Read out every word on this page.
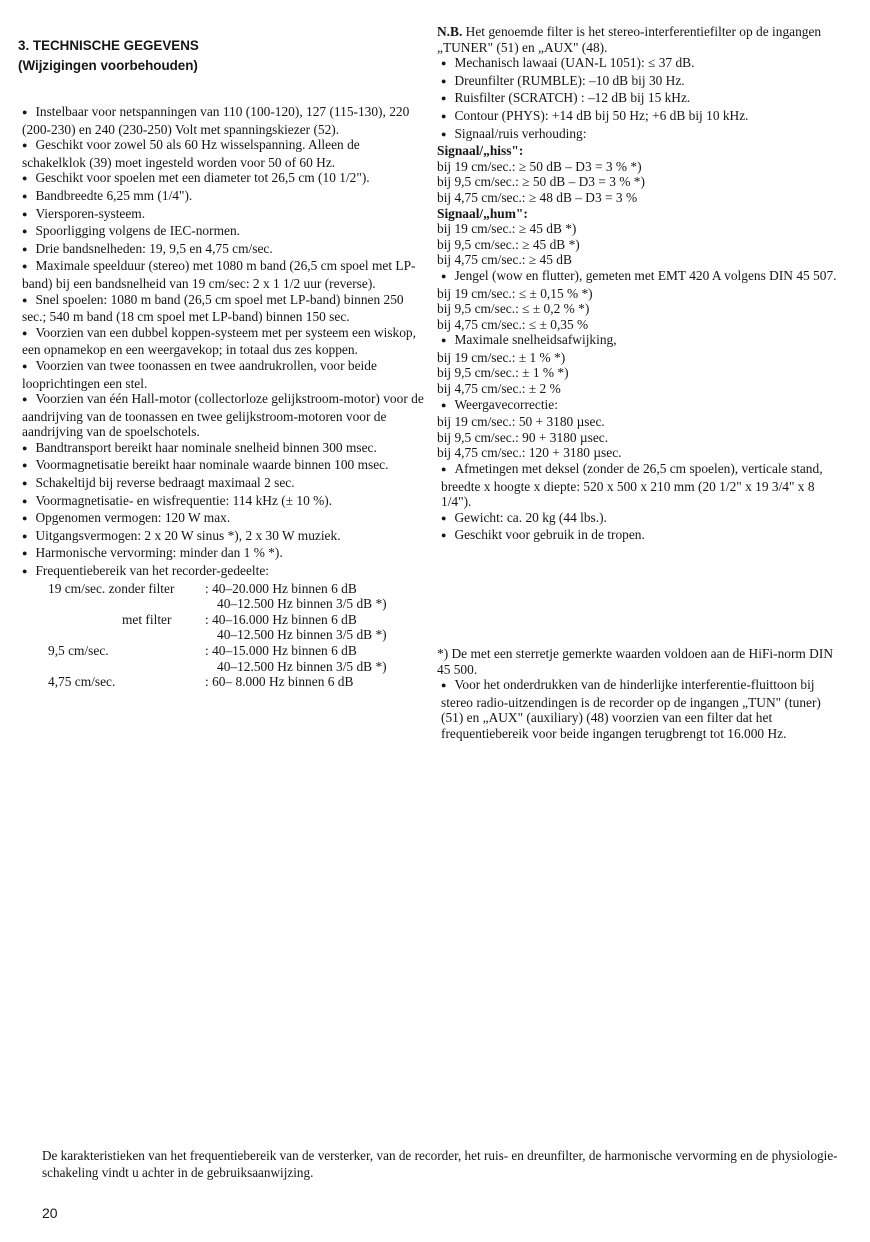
3. TECHNISCHE GEGEVENS
(Wijzigingen voorbehouden)

● Instelbaar voor netspanningen van 110 (100-120), 127 (115-130), 220 (200-230) en 240 (230-250) Volt met spanningskiezer (52).

● Geschikt voor zowel 50 als 60 Hz wisselspanning. Alleen de schakelklok (39) moet ingesteld worden voor 50 of 60 Hz.

● Geschikt voor spoelen met een diameter tot 26,5 cm (10 1/2").

● Bandbreedte 6,25 mm (1/4").

● Viersporen-systeem.

● Spoorligging volgens de IEC-normen.

● Drie bandsnelheden: 19, 9,5 en 4,75 cm/sec.

● Maximale speelduur (stereo) met 1080 m band (26,5 cm spoel met LP-band) bij een bandsnelheid van 19 cm/sec: 2 x 1 1/2 uur (reverse).

● Snel spoelen: 1080 m band (26,5 cm spoel met LP-band) binnen 250 sec.; 540 m band (18 cm spoel met LP-band) binnen 150 sec.

● Voorzien van een dubbel koppen-systeem met per systeem een wiskop, een opnamekop en een weergavekop; in totaal dus zes koppen.

● Voorzien van twee toonassen en twee aandrukrollen, voor beide looprichtingen een stel.

● Voorzien van één Hall-motor (collectorloze gelijkstroom-motor) voor de aandrijving van de toonassen en twee gelijkstroom-motoren voor de aandrijving van de spoelschotels.

● Bandtransport bereikt haar nominale snelheid binnen 300 msec.

● Voormagnetisatie bereikt haar nominale waarde binnen 100 msec.

● Schakeltijd bij reverse bedraagt maximaal 2 sec.

● Voormagnetisatie- en wisfrequentie: 114 kHz (± 10 %).

● Opgenomen vermogen: 120 W max.

● Uitgangsvermogen: 2 x 20 W sinus *), 2 x 30 W muziek.

● Harmonische vervorming: minder dan 1 % *).

● Frequentiebereik van het recorder-gedeelte:

19 cm/sec. zonder filter	: 40–20.000 Hz binnen 6 dB
40–12.500 Hz binnen 3/5 dB *)
met filter	: 40–16.000 Hz binnen 6 dB
40–12.500 Hz binnen 3/5 dB *)
9,5 cm/sec.	: 40–15.000 Hz binnen 6 dB
40–12.500 Hz binnen 3/5 dB *)
4,75 cm/sec.	: 60– 8.000 Hz binnen 6 dB

N.B. Het genoemde filter is het stereo-interferentiefilter op de ingangen „TUNER" (51) en „AUX" (48).

● Mechanisch lawaai (UAN-L 1051): ≤ 37 dB.

● Dreunfilter (RUMBLE): –10 dB bij 30 Hz.

● Ruisfilter (SCRATCH) : –12 dB bij 15 kHz.

● Contour (PHYS): +14 dB bij 50 Hz; +6 dB bij 10 kHz.

● Signaal/ruis verhouding:

Signaal/„hiss":

bij 19 cm/sec.: ≥ 50 dB – D3 = 3 % *)

bij 9,5 cm/sec.: ≥ 50 dB – D3 = 3 % *)

bij 4,75 cm/sec.: ≥ 48 dB – D3 = 3 %

Signaal/„hum":

bij 19 cm/sec.: ≥ 45 dB *)

bij 9,5 cm/sec.: ≥ 45 dB *)

bij 4,75 cm/sec.: ≥ 45 dB

● Jengel (wow en flutter), gemeten met EMT 420 A volgens DIN 45 507.

bij 19 cm/sec.: ≤ ± 0,15 % *)

bij 9,5 cm/sec.: ≤ ± 0,2 % *)

bij 4,75 cm/sec.: ≤ ± 0,35 %

● Maximale snelheidsafwijking,

bij 19 cm/sec.: ± 1 % *)

bij 9,5 cm/sec.: ± 1 % *)

bij 4,75 cm/sec.: ± 2 %

● Weergavecorrectie:

bij 19 cm/sec.: 50 + 3180 µsec.

bij 9,5 cm/sec.: 90 + 3180 µsec.

bij 4,75 cm/sec.: 120 + 3180 µsec.

● Afmetingen met deksel (zonder de 26,5 cm spoelen), verticale stand, breedte x hoogte x diepte: 520 x 500 x 210 mm (20 1/2" x 19 3/4" x 8 1/4").

● Gewicht: ca. 20 kg (44 lbs.).

● Geschikt voor gebruik in de tropen.

*) De met een sterretje gemerkte waarden voldoen aan de HiFi-norm DIN 45 500.

● Voor het onderdrukken van de hinderlijke interferentie-fluittoon bij stereo radio-uitzendingen is de recorder op de ingangen „TUN" (tuner) (51) en „AUX" (auxiliary) (48) voorzien van een filter dat het frequentiebereik voor beide ingangen terugbrengt tot 16.000 Hz.

De karakteristieken van het frequentiebereik van de versterker, van de recorder, het ruis- en dreunfilter, de harmonische vervorming en de physiologie-schakeling vindt u achter in de gebruiksaanwijzing.
20
